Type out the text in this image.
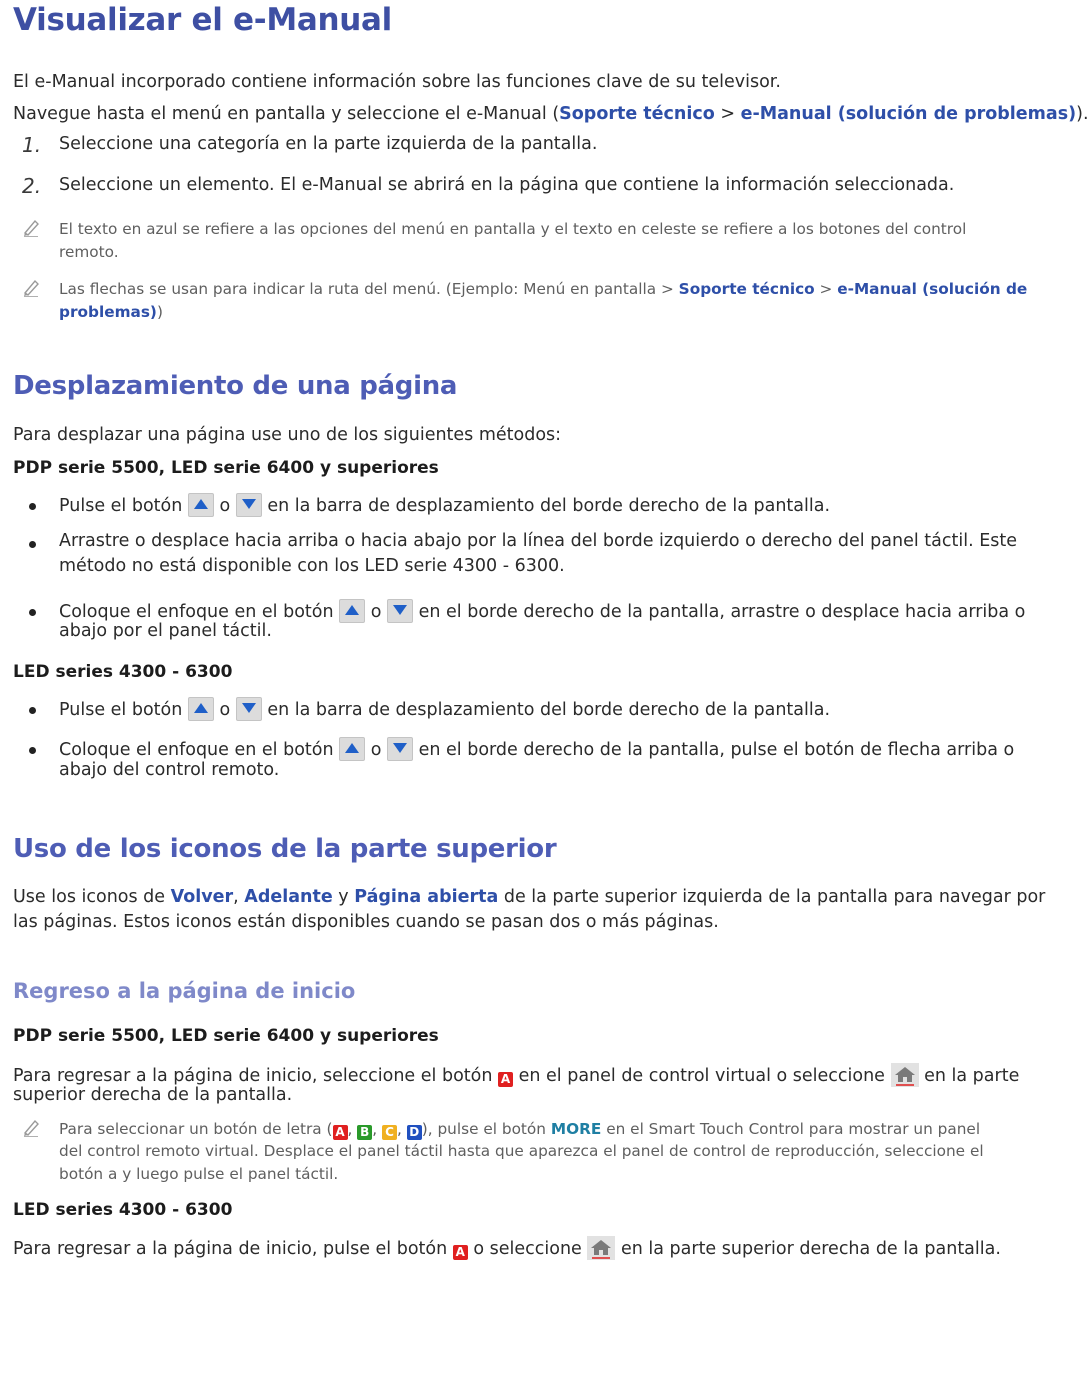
Visualizar el e-Manual
El e-Manual incorporado contiene información sobre las funciones clave de su televisor.
Navegue hasta el menú en pantalla y seleccione el e-Manual (Soporte técnico > e-Manual (solución de problemas)).
1. Seleccione una categoría en la parte izquierda de la pantalla.
2. Seleccione un elemento. El e-Manual se abrirá en la página que contiene la información seleccionada.
El texto en azul se refiere a las opciones del menú en pantalla y el texto en celeste se refiere a los botones del control
remoto.
Las flechas se usan para indicar la ruta del menú. (Ejemplo: Menú en pantalla > Soporte técnico > e-Manual (solución de
problemas))
Desplazamiento de una página
Para desplazar una página use uno de los siguientes métodos:
PDP serie 5500, LED serie 6400 y superiores
Pulse el botón o en la barra de desplazamiento del borde derecho de la pantalla.
Arrastre o desplace hacia arriba o hacia abajo por la línea del borde izquierdo o derecho del panel táctil. Este
método no está disponible con los LED serie 4300 - 6300.
Coloque el enfoque en el botón o en el borde derecho de la pantalla, arrastre o desplace hacia arriba o
abajo por el panel táctil.
LED series 4300 - 6300
Pulse el botón o en la barra de desplazamiento del borde derecho de la pantalla.
Coloque el enfoque en el botón o en el borde derecho de la pantalla, pulse el botón de flecha arriba o
abajo del control remoto.
Uso de los iconos de la parte superior
Use los iconos de Volver, Adelante y Página abierta de la parte superior izquierda de la pantalla para navegar por
las páginas. Estos iconos están disponibles cuando se pasan dos o más páginas.
Regreso a la página de inicio
PDP serie 5500, LED serie 6400 y superiores
Para regresar a la página de inicio, seleccione el botón A en el panel de control virtual o seleccione en la parte
superior derecha de la pantalla.
Para seleccionar un botón de letra ( A , B , C , D ), pulse el botón MORE en el Smart Touch Control para mostrar un panel
del control remoto virtual. Desplace el panel táctil hasta que aparezca el panel de control de reproducción, seleccione el
botón a y luego pulse el panel táctil.
LED series 4300 - 6300
Para regresar a la página de inicio, pulse el botón A o seleccione en la parte superior derecha de la pantalla.
